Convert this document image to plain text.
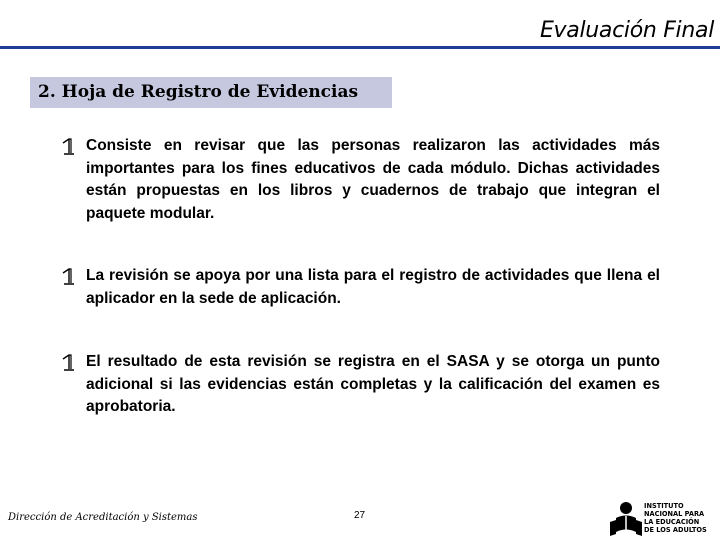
Evaluación Final
2. Hoja de Registro de Evidencias

Consiste en revisar que las personas realizaron las actividades más importantes para los fines educativos de cada módulo. Dichas actividades están propuestas en los libros y cuadernos de trabajo que integran el paquete modular.

La revisión se apoya por una lista para el registro de actividades que llena el aplicador en la sede de aplicación.

El resultado de esta revisión se registra en el SASA y se otorga un punto adicional si las evidencias están completas y la calificación del examen es aprobatoria.

Dirección de Acreditación y Sistemas	27
INSTITUTO
NACIONAL PARA
LA EDUCACIÓN
DE LOS ADULTOS
